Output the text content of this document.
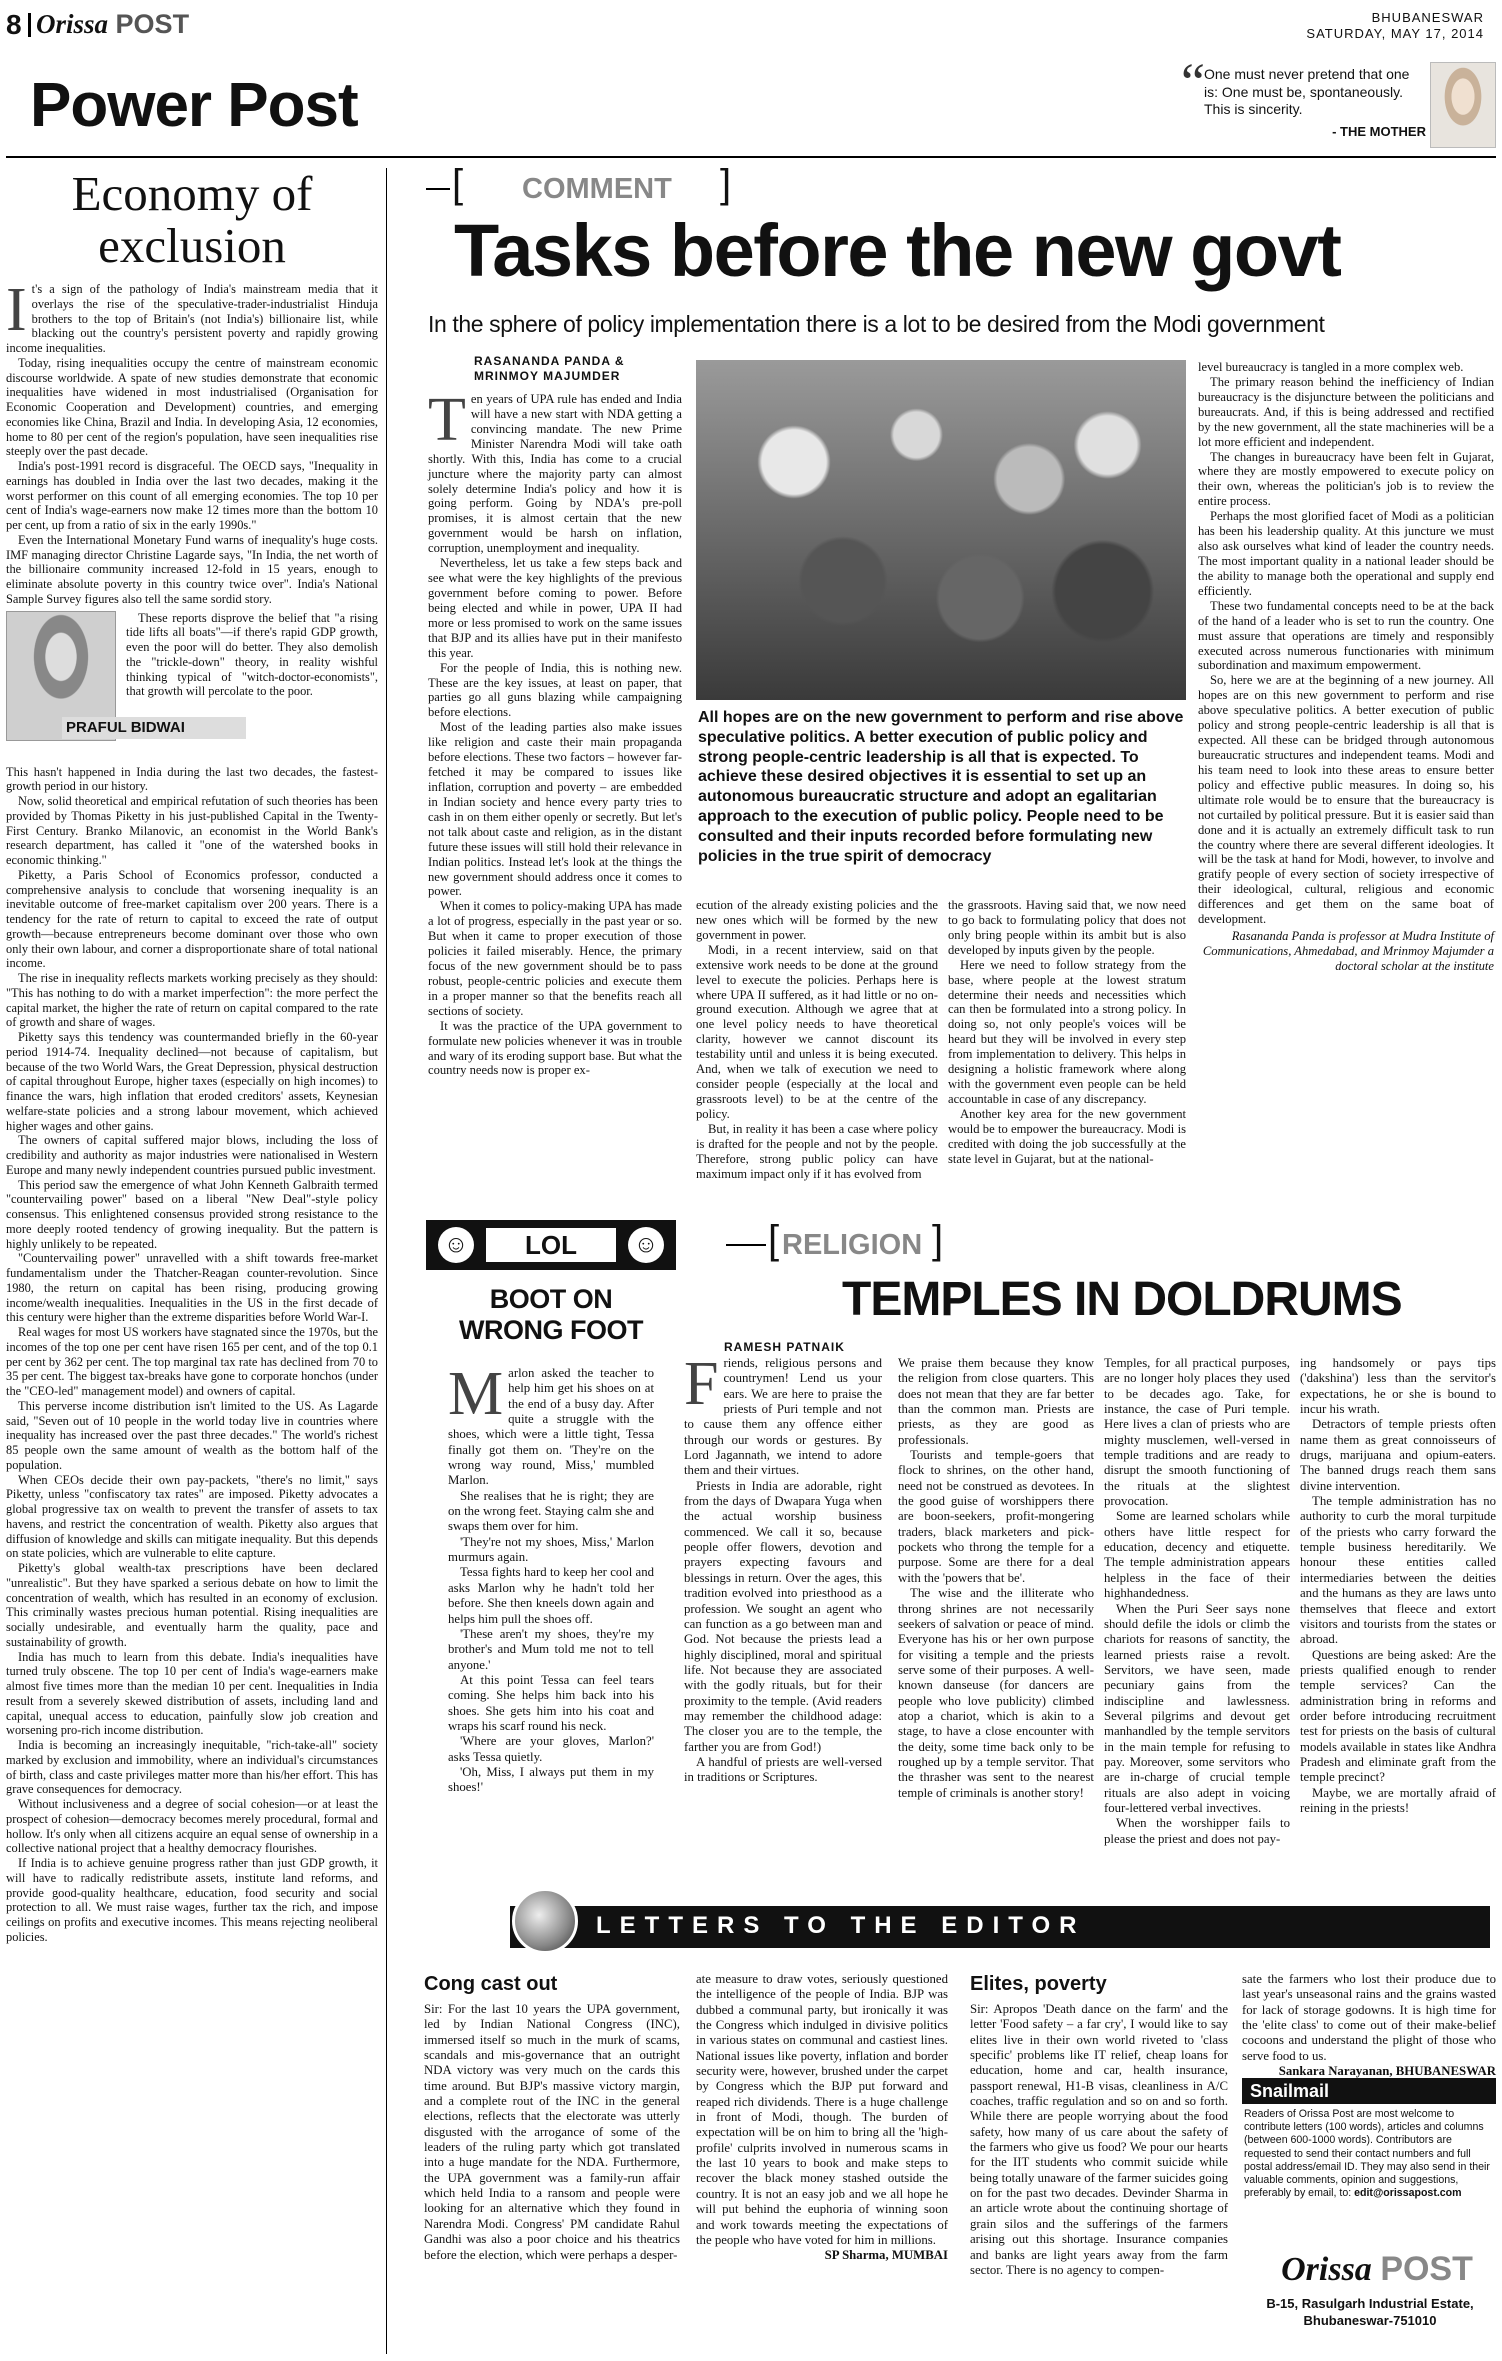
8 Orissa POST
Power Post
BHUBANESWAR
SATURDAY, MAY 17, 2014
“ One must never pretend that one is: One must be, spontaneously. This is sincerity.
- THE MOTHER
Economy of
exclusion

It's a sign of the pathology of India's mainstream media that it overlays the rise of the speculative-trader-industrialist Hinduja brothers to the top of Britain's (not India's) billionaire list, while blacking out the country's persistent poverty and rapidly growing income inequalities.

Today, rising inequalities occupy the centre of mainstream economic discourse worldwide. A spate of new studies demonstrate that economic inequalities have widened in most industrialised (Organisation for Economic Cooperation and Development) countries, and emerging economies like China, Brazil and India. In developing Asia, 12 economies, home to 80 per cent of the region's population, have seen inequalities rise steeply over the past decade.

India's post-1991 record is disgraceful. The OECD says, "Inequality in earnings has doubled in India over the last two decades, making it the worst performer on this count of all emerging economies. The top 10 per cent of India's wage-earners now make 12 times more than the bottom 10 per cent, up from a ratio of six in the early 1990s."

Even the International Monetary Fund warns of inequality's huge costs. IMF managing director Christine Lagarde says, "In India, the net worth of the billionaire community increased 12-fold in 15 years, enough to eliminate absolute poverty in this country twice over". India's National Sample Survey figures also tell the same sordid story.

PRAFUL BIDWAI

These reports disprove the belief that "a rising tide lifts all boats"—if there's rapid GDP growth, even the poor will do better. They also demolish the "trickle-down" theory, in reality wishful thinking typical of "witch-doctor-economists", that growth will percolate to the poor.

This hasn't happened in India during the last two decades, the fastest-growth period in our history.

Now, solid theoretical and empirical refutation of such theories has been provided by Thomas Piketty in his just-published Capital in the Twenty-First Century. Branko Milanovic, an economist in the World Bank's research department, has called it "one of the watershed books in economic thinking."

Piketty, a Paris School of Economics professor, conducted a comprehensive analysis to conclude that worsening inequality is an inevitable outcome of free-market capitalism over 200 years. There is a tendency for the rate of return to capital to exceed the rate of output growth—because entrepreneurs become dominant over those who own only their own labour, and corner a disproportionate share of total national income.

The rise in inequality reflects markets working precisely as they should: "This has nothing to do with a market imperfection": the more perfect the capital market, the higher the rate of return on capital compared to the rate of growth and share of wages.

Piketty says this tendency was countermanded briefly in the 60-year period 1914-74. Inequality declined—not because of capitalism, but because of the two World Wars, the Great Depression, physical destruction of capital throughout Europe, higher taxes (especially on high incomes) to finance the wars, high inflation that eroded creditors' assets, Keynesian welfare-state policies and a strong labour movement, which achieved higher wages and other gains.

The owners of capital suffered major blows, including the loss of credibility and authority as major industries were nationalised in Western Europe and many newly independent countries pursued public investment.

This period saw the emergence of what John Kenneth Galbraith termed "countervailing power" based on a liberal "New Deal"-style policy consensus. This enlightened consensus provided strong resistance to the more deeply rooted tendency of growing inequality. But the pattern is highly unlikely to be repeated.

"Countervailing power" unravelled with a shift towards free-market fundamentalism under the Thatcher-Reagan counter-revolution. Since 1980, the return on capital has been rising, producing growing income/wealth inequalities. Inequalities in the US in the first decade of this century were higher than the extreme disparities before World War-I.

Real wages for most US workers have stagnated since the 1970s, but the incomes of the top one per cent have risen 165 per cent, and of the top 0.1 per cent by 362 per cent. The top marginal tax rate has declined from 70 to 35 per cent. The biggest tax-breaks have gone to corporate honchos (under the "CEO-led" management model) and owners of capital.

This perverse income distribution isn't limited to the US. As Lagarde said, "Seven out of 10 people in the world today live in countries where inequality has increased over the past three decades." The world's richest 85 people own the same amount of wealth as the bottom half of the population.

When CEOs decide their own pay-packets, "there's no limit," says Piketty, unless "confiscatory tax rates" are imposed. Piketty advocates a global progressive tax on wealth to prevent the transfer of assets to tax havens, and restrict the concentration of wealth. Piketty also argues that diffusion of knowledge and skills can mitigate inequality. But this depends on state policies, which are vulnerable to elite capture.

Piketty's global wealth-tax prescriptions have been declared "unrealistic". But they have sparked a serious debate on how to limit the concentration of wealth, which has resulted in an economy of exclusion. This criminally wastes precious human potential. Rising inequalities are socially undesirable, and eventually harm the quality, pace and sustainability of growth.

India has much to learn from this debate. India's inequalities have turned truly obscene. The top 10 per cent of India's wage-earners make almost five times more than the median 10 per cent. Inequalities in India result from a severely skewed distribution of assets, including land and capital, unequal access to education, painfully slow job creation and worsening pro-rich income distribution.

India is becoming an increasingly inequitable, "rich-take-all" society marked by exclusion and immobility, where an individual's circumstances of birth, class and caste privileges matter more than his/her effort. This has grave consequences for democracy.

Without inclusiveness and a degree of social cohesion—or at least the prospect of cohesion—democracy becomes merely procedural, formal and hollow. It's only when all citizens acquire an equal sense of ownership in a collective national project that a healthy democracy flourishes.

If India is to achieve genuine progress rather than just GDP growth, it will have to radically redistribute assets, institute land reforms, and provide good-quality healthcare, education, food security and social protection to all. We must raise wages, further tax the rich, and impose ceilings on profits and executive incomes. This means rejecting neoliberal policies.

[ COMMENT ]
Tasks before the new govt
In the sphere of policy implementation there is a lot to be desired from the Modi government
RASANANDA PANDA &
MRINMOY MAJUMDER

Ten years of UPA rule has ended and India will have a new start with NDA getting a convincing mandate. The new Prime Minister Narendra Modi will take oath shortly. With this, India has come to a crucial juncture where the majority party can almost solely determine India's policy and how it is going perform. Going by NDA's pre-poll promises, it is almost certain that the new government would be harsh on inflation, corruption, unemployment and inequality.

Nevertheless, let us take a few steps back and see what were the key highlights of the previous government before coming to power. Before being elected and while in power, UPA II had more or less promised to work on the same issues that BJP and its allies have put in their manifesto this year.

For the people of India, this is nothing new. These are the key issues, at least on paper, that parties go all guns blazing while campaigning before elections.

Most of the leading parties also make issues like religion and caste their main propaganda before elections. These two factors – however far-fetched it may be compared to issues like inflation, corruption and poverty – are embedded in Indian society and hence every party tries to cash in on them either openly or secretly. But let's not talk about caste and religion, as in the distant future these issues will still hold their relevance in Indian politics. Instead let's look at the things the new government should address once it comes to power.

When it comes to policy-making UPA has made a lot of progress, especially in the past year or so. But when it came to proper execution of those policies it failed miserably. Hence, the primary focus of the new government should be to pass robust, people-centric policies and execute them in a proper manner so that the benefits reach all sections of society.

It was the practice of the UPA government to formulate new policies whenever it was in trouble and wary of its eroding support base. But what the country needs now is proper ex-

All hopes are on the new government to perform and rise above speculative politics. A better execution of public policy and strong people-centric leadership is all that is expected. To achieve these desired objectives it is essential to set up an autonomous bureaucratic structure and adopt an egalitarian approach to the execution of public policy. People need to be consulted and their inputs recorded before formulating new policies in the true spirit of democracy

ecution of the already existing policies and the new ones which will be formed by the new government in power.

Modi, in a recent interview, said on that extensive work needs to be done at the ground level to execute the policies. Perhaps here is where UPA II suffered, as it had little or no on-ground execution. Although we agree that at one level policy needs to have theoretical clarity, however we cannot discount its testability until and unless it is being executed. And, when we talk of execution we need to consider people (especially at the local and grassroots level) to be at the centre of the policy.

But, in reality it has been a case where policy is drafted for the people and not by the people. Therefore, strong public policy can have maximum impact only if it has evolved from

the grassroots. Having said that, we now need to go back to formulating policy that does not only bring people within its ambit but is also developed by inputs given by the people.

Here we need to follow strategy from the base, where people at the lowest stratum determine their needs and necessities which can then be formulated into a strong policy. In doing so, not only people's voices will be heard but they will be involved in every step from implementation to delivery. This helps in designing a holistic framework where along with the government even people can be held accountable in case of any discrepancy.

Another key area for the new government would be to empower the bureaucracy. Modi is credited with doing the job successfully at the state level in Gujarat, but at the national-

level bureaucracy is tangled in a more complex web.

The primary reason behind the inefficiency of Indian bureaucracy is the disjuncture between the politicians and bureaucrats. And, if this is being addressed and rectified by the new government, all the state machineries will be a lot more efficient and independent.

The changes in bureaucracy have been felt in Gujarat, where they are mostly empowered to execute policy on their own, whereas the politician's job is to review the entire process.

Perhaps the most glorified facet of Modi as a politician has been his leadership quality. At this juncture we must also ask ourselves what kind of leader the country needs. The most important quality in a national leader should be the ability to manage both the operational and supply end efficiently.

These two fundamental concepts need to be at the back of the hand of a leader who is set to run the country. One must assure that operations are timely and responsibly executed across numerous functionaries with minimum subordination and maximum empowerment.

So, here we are at the beginning of a new journey. All hopes are on this new government to perform and rise above speculative politics. A better execution of public policy and strong people-centric leadership is all that is expected. All these can be bridged through autonomous bureaucratic structures and independent teams. Modi and his team need to look into these areas to ensure better policy and effective public measures. In doing so, his ultimate role would be to ensure that the bureaucracy is not curtailed by political pressure. But it is easier said than done and it is actually an extremely difficult task to run the country where there are several different ideologies. It will be the task at hand for Modi, however, to involve and gratify people of every section of society irrespective of their ideological, cultural, religious and economic differences and get them on the same boat of development.

Rasananda Panda is professor at Mudra Institute of Communications, Ahmedabad, and Mrinmoy Majumder a doctoral scholar at the institute

☺	LOL	☺
BOOT ON
WRONG FOOT

Marlon asked the teacher to help him get his shoes on at the end of a busy day. After quite a struggle with the shoes, which were a little tight, Tessa finally got them on. 'They're on the wrong way round, Miss,' mumbled Marlon.

She realises that he is right; they are on the wrong feet. Staying calm she and swaps them over for him.

'They're not my shoes, Miss,' Marlon murmurs again.

Tessa fights hard to keep her cool and asks Marlon why he hadn't told her before. She then kneels down again and helps him pull the shoes off.

'These aren't my shoes, they're my brother's and Mum told me not to tell anyone.'

At this point Tessa can feel tears coming. She helps him back into his shoes. She gets him into his coat and wraps his scarf round his neck.

'Where are your gloves, Marlon?' asks Tessa quietly.

'Oh, Miss, I always put them in my shoes!'

[ RELIGION ]
TEMPLES IN DOLDRUMS
RAMESH PATNAIK

Friends, religious persons and countrymen! Lend us your ears. We are here to praise the priests of Puri temple and not to cause them any offence either through our words or gestures. By Lord Jagannath, we intend to adore them and their virtues.

Priests in India are adorable, right from the days of Dwapara Yuga when the actual worship business commenced. We call it so, because people offer flowers, devotion and prayers expecting favours and blessings in return. Over the ages, this tradition evolved into priesthood as a profession. We sought an agent who can function as a go between man and God. Not because the priests lead a highly disciplined, moral and spiritual life. Not because they are associated with the godly rituals, but for their proximity to the temple. (Avid readers may remember the childhood adage: The closer you are to the temple, the farther you are from God!)

A handful of priests are well-versed in traditions or Scriptures.

We praise them because they know the religion from close quarters. This does not mean that they are far better than the common man. Priests are priests, as they are good as professionals.

Tourists and temple-goers that flock to shrines, on the other hand, need not be construed as devotees. In the good guise of worshippers there are boon-seekers, profit-mongering traders, black marketers and pick-pockets who throng the temple for a purpose. Some are there for a deal with the 'powers that be'.

The wise and the illiterate who throng shrines are not necessarily seekers of salvation or peace of mind. Everyone has his or her own purpose for visiting a temple and the priests serve some of their purposes. A well-known danseuse (for dancers are people who love publicity) climbed atop a chariot, which is akin to a stage, to have a close encounter with the deity, some time back only to be roughed up by a temple servitor. That the thrasher was sent to the nearest temple of criminals is another story!

Temples, for all practical purposes, are no longer holy places they used to be decades ago. Take, for instance, the case of Puri temple. Here lives a clan of priests who are mighty musclemen, well-versed in temple traditions and are ready to disrupt the smooth functioning of the rituals at the slightest provocation.

Some are learned scholars while others have little respect for education, decency and etiquette. The temple administration appears helpless in the face of their highhandedness.

When the Puri Seer says none should defile the idols or climb the chariots for reasons of sanctity, the learned priests raise a revolt. Servitors, we have seen, made pecuniary gains from the indiscipline and lawlessness. Several pilgrims and devout get manhandled by the temple servitors in the main temple for refusing to pay. Moreover, some servitors who are in-charge of crucial temple rituals are also adept in voicing four-lettered verbal invectives.

When the worshipper fails to please the priest and does not pay-

ing handsomely or pays tips ('dakshina') less than the servitor's expectations, he or she is bound to incur his wrath.

Detractors of temple priests often name them as great connoisseurs of drugs, marijuana and opium-eaters. The banned drugs reach them sans divine intervention.

The temple administration has no authority to curb the moral turpitude of the priests who carry forward the temple business hereditarily. We honour these entities called intermediaries between the deities and the humans as they are laws unto themselves that fleece and extort visitors and tourists from the states or abroad.

Questions are being asked: Are the priests qualified enough to render temple services? Can the administration bring in reforms and order before introducing recruitment test for priests on the basis of cultural models available in states like Andhra Pradesh and eliminate graft from the temple precinct?

Maybe, we are mortally afraid of reining in the priests!

LETTERS TO THE EDITOR
Cong cast out

Sir: For the last 10 years the UPA government, led by Indian National Congress (INC), immersed itself so much in the murk of scams, scandals and mis-governance that an outright NDA victory was very much on the cards this time around. But BJP's massive victory margin, and a complete rout of the INC in the general elections, reflects that the electorate was utterly disgusted with the arrogance of some of the leaders of the ruling party which got translated into a huge mandate for the NDA. Furthermore, the UPA government was a family-run affair which held India to a ransom and people were looking for an alternative which they found in Narendra Modi. Congress' PM candidate Rahul Gandhi was also a poor choice and his theatrics before the election, which were perhaps a desper-

ate measure to draw votes, seriously questioned the intelligence of the people of India. BJP was dubbed a communal party, but ironically it was the Congress which indulged in divisive politics in various states on communal and castiest lines. National issues like poverty, inflation and border security were, however, brushed under the carpet by Congress which the BJP put forward and reaped rich dividends. There is a huge challenge in front of Modi, though. The burden of expectation will be on him to bring all the 'high-profile' culprits involved in numerous scams in the last 10 years to book and make steps to recover the black money stashed outside the country. It is not an easy job and we all hope he will put behind the euphoria of winning soon and work towards meeting the expectations of the people who have voted for him in millions.

SP Sharma, MUMBAI

Elites, poverty

Sir: Apropos 'Death dance on the farm' and the letter 'Food safety – a far cry', I would like to say elites live in their own world riveted to 'class specific' problems like IT relief, cheap loans for education, home and car, health insurance, passport renewal, H1-B visas, cleanliness in A/C coaches, traffic regulation and so on and so forth. While there are people worrying about the food safety, how many of us care about the safety of the farmers who give us food? We pour our hearts for the IIT students who commit suicide while being totally unaware of the farmer suicides going on for the past two decades. Devinder Sharma in an article wrote about the continuing shortage of grain silos and the sufferings of the farmers arising out this shortage. Insurance companies and banks are light years away from the farm sector. There is no agency to compen-

sate the farmers who lost their produce due to last year's unseasonal rains and the grains wasted for lack of storage godowns. It is high time for the 'elite class' to come out of their make-belief cocoons and understand the plight of those who serve food to us.

Sankara Narayanan, BHUBANESWAR

Snailmail
Readers of Orissa Post are most welcome to contribute letters (100 words), articles and columns (between 600-1000 words). Contributors are requested to send their contact numbers and full postal address/email ID. They may also send in their valuable comments, opinion and suggestions, preferably by email, to: edit@orissapost.com
Orissa POST
B-15, Rasulgarh Industrial Estate,
Bhubaneswar-751010
